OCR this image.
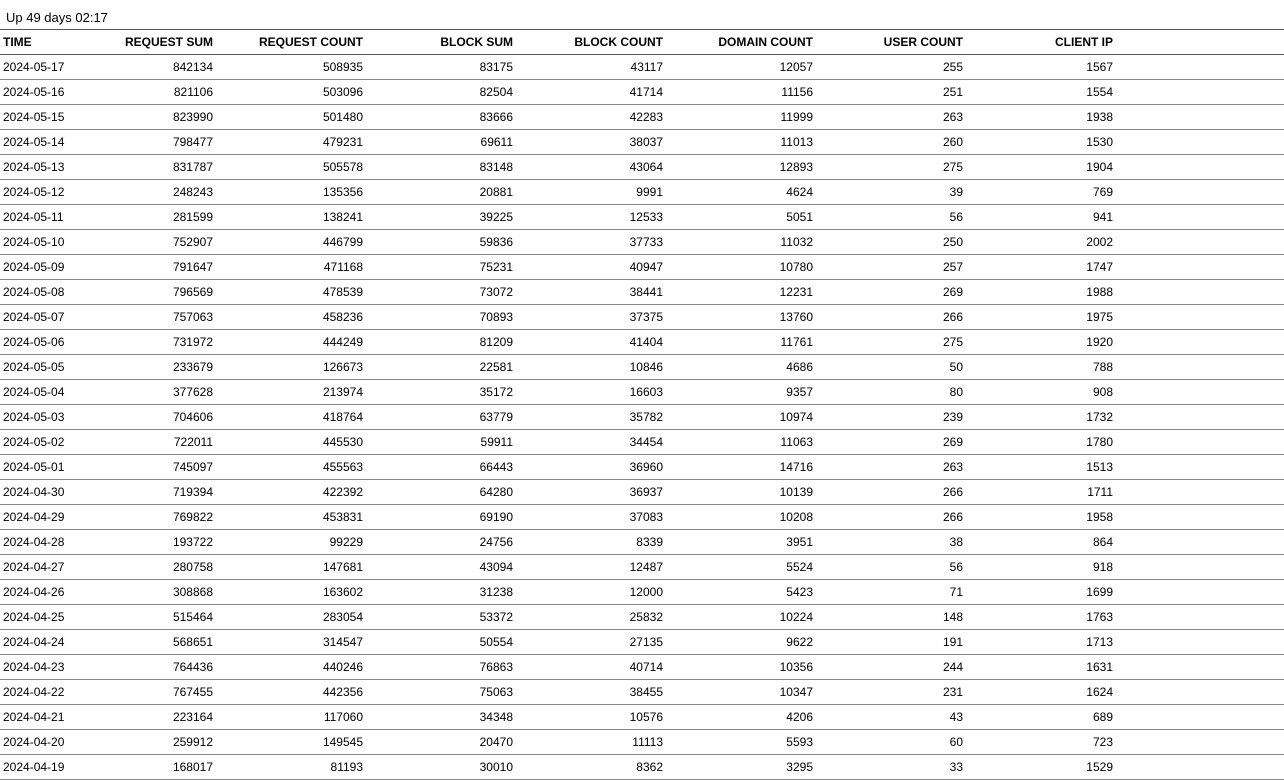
Up 49 days 02:17
TIME	REQUEST SUM	REQUEST COUNT	BLOCK SUM	BLOCK COUNT	DOMAIN COUNT	USER COUNT	CLIENT IP	
2024-05-17	842134	508935	83175	43117	12057	255	1567	
2024-05-16	821106	503096	82504	41714	11156	251	1554	
2024-05-15	823990	501480	83666	42283	11999	263	1938	
2024-05-14	798477	479231	69611	38037	11013	260	1530	
2024-05-13	831787	505578	83148	43064	12893	275	1904	
2024-05-12	248243	135356	20881	9991	4624	39	769	
2024-05-11	281599	138241	39225	12533	5051	56	941	
2024-05-10	752907	446799	59836	37733	11032	250	2002	
2024-05-09	791647	471168	75231	40947	10780	257	1747	
2024-05-08	796569	478539	73072	38441	12231	269	1988	
2024-05-07	757063	458236	70893	37375	13760	266	1975	
2024-05-06	731972	444249	81209	41404	11761	275	1920	
2024-05-05	233679	126673	22581	10846	4686	50	788	
2024-05-04	377628	213974	35172	16603	9357	80	908	
2024-05-03	704606	418764	63779	35782	10974	239	1732	
2024-05-02	722011	445530	59911	34454	11063	269	1780	
2024-05-01	745097	455563	66443	36960	14716	263	1513	
2024-04-30	719394	422392	64280	36937	10139	266	1711	
2024-04-29	769822	453831	69190	37083	10208	266	1958	
2024-04-28	193722	99229	24756	8339	3951	38	864	
2024-04-27	280758	147681	43094	12487	5524	56	918	
2024-04-26	308868	163602	31238	12000	5423	71	1699	
2024-04-25	515464	283054	53372	25832	10224	148	1763	
2024-04-24	568651	314547	50554	27135	9622	191	1713	
2024-04-23	764436	440246	76863	40714	10356	244	1631	
2024-04-22	767455	442356	75063	38455	10347	231	1624	
2024-04-21	223164	117060	34348	10576	4206	43	689	
2024-04-20	259912	149545	20470	11113	5593	60	723	
2024-04-19	168017	81193	30010	8362	3295	33	1529	
